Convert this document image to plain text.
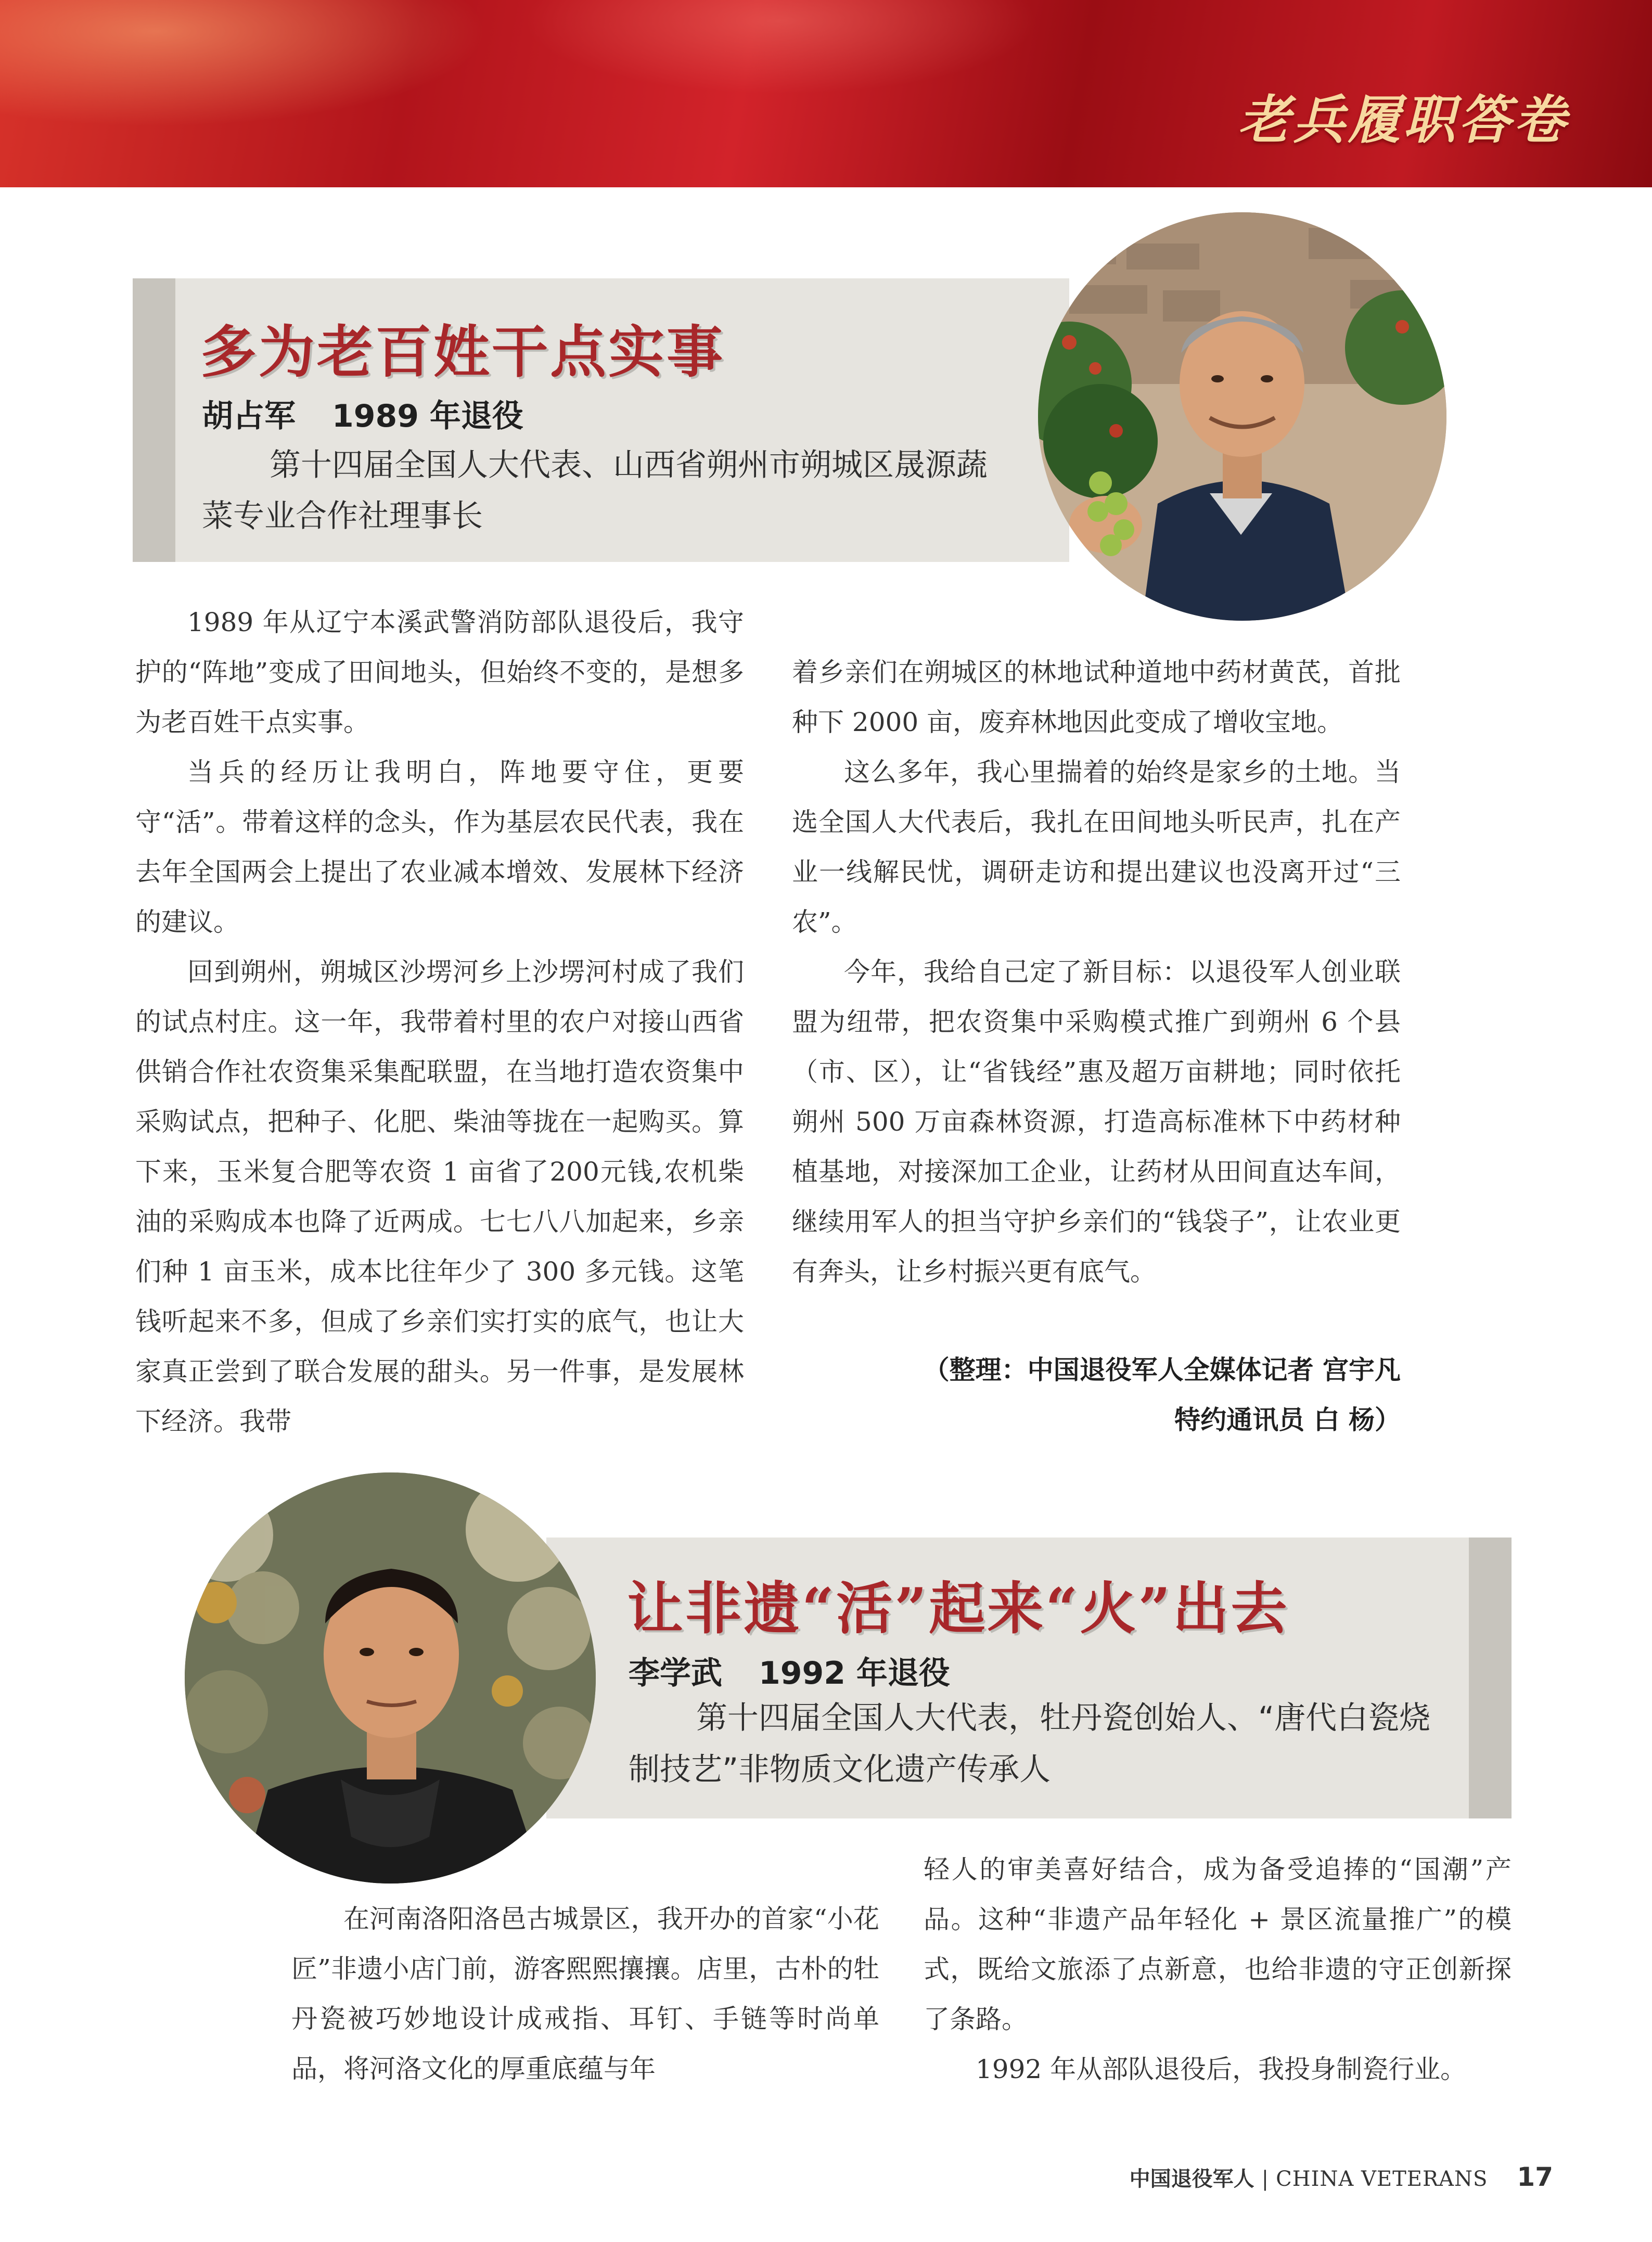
老兵履职答卷
多为老百姓干点实事
胡占军 1989 年退役
第十四届全国人大代表、山西省朔州市朔城区晟源蔬
菜专业合作社理事长

1989 年从辽宁本溪武警消防部队退役后，我守护的“阵地”变成了田间地头，但始终不变的，是想多为老百姓干点实事。

当兵的经历让我明白，阵地要守住，更要守“活”。带着这样的念头，作为基层农民代表，我在去年全国两会上提出了农业减本增效、发展林下经济的建议。

回到朔州，朔城区沙塄河乡上沙塄河村成了我们的试点村庄。这一年，我带着村里的农户对接山西省供销合作社农资集采集配联盟，在当地打造农资集中采购试点，把种子、化肥、柴油等拢在一起购买。算下来，玉米复合肥等农资 1 亩省了200元钱,农机柴油的采购成本也降了近两成。七七八八加起来，乡亲们种 1 亩玉米，成本比往年少了 300 多元钱。这笔钱听起来不多，但成了乡亲们实打实的底气，也让大家真正尝到了联合发展的甜头。另一件事，是发展林下经济。我带

着乡亲们在朔城区的林地试种道地中药材黄芪，首批种下 2000 亩，废弃林地因此变成了增收宝地。

这么多年，我心里揣着的始终是家乡的土地。当选全国人大代表后，我扎在田间地头听民声，扎在产业一线解民忧，调研走访和提出建议也没离开过“三农”。

今年，我给自己定了新目标：以退役军人创业联盟为纽带，把农资集中采购模式推广到朔州 6 个县（市、区），让“省钱经”惠及超万亩耕地；同时依托朔州 500 万亩森林资源，打造高标准林下中药材种植基地，对接深加工企业，让药材从田间直达车间，继续用军人的担当守护乡亲们的“钱袋子”，让农业更有奔头，让乡村振兴更有底气。

（整理：中国退役军人全媒体记者 宫宇凡
特约通讯员 白 杨）
让非遗“活”起来“火”出去
李学武 1992 年退役
第十四届全国人大代表，牡丹瓷创始人、“唐代白瓷烧
制技艺”非物质文化遗产传承人

在河南洛阳洛邑古城景区，我开办的首家“小花匠”非遗小店门前，游客熙熙攘攘。店里，古朴的牡丹瓷被巧妙地设计成戒指、耳钉、手链等时尚单品，将河洛文化的厚重底蕴与年

轻人的审美喜好结合，成为备受追捧的“国潮”产品。这种“非遗产品年轻化 + 景区流量推广”的模式，既给文旅添了点新意，也给非遗的守正创新探了条路。

1992 年从部队退役后，我投身制瓷行业。

中国退役军人 | CHINA VETERANS 17
